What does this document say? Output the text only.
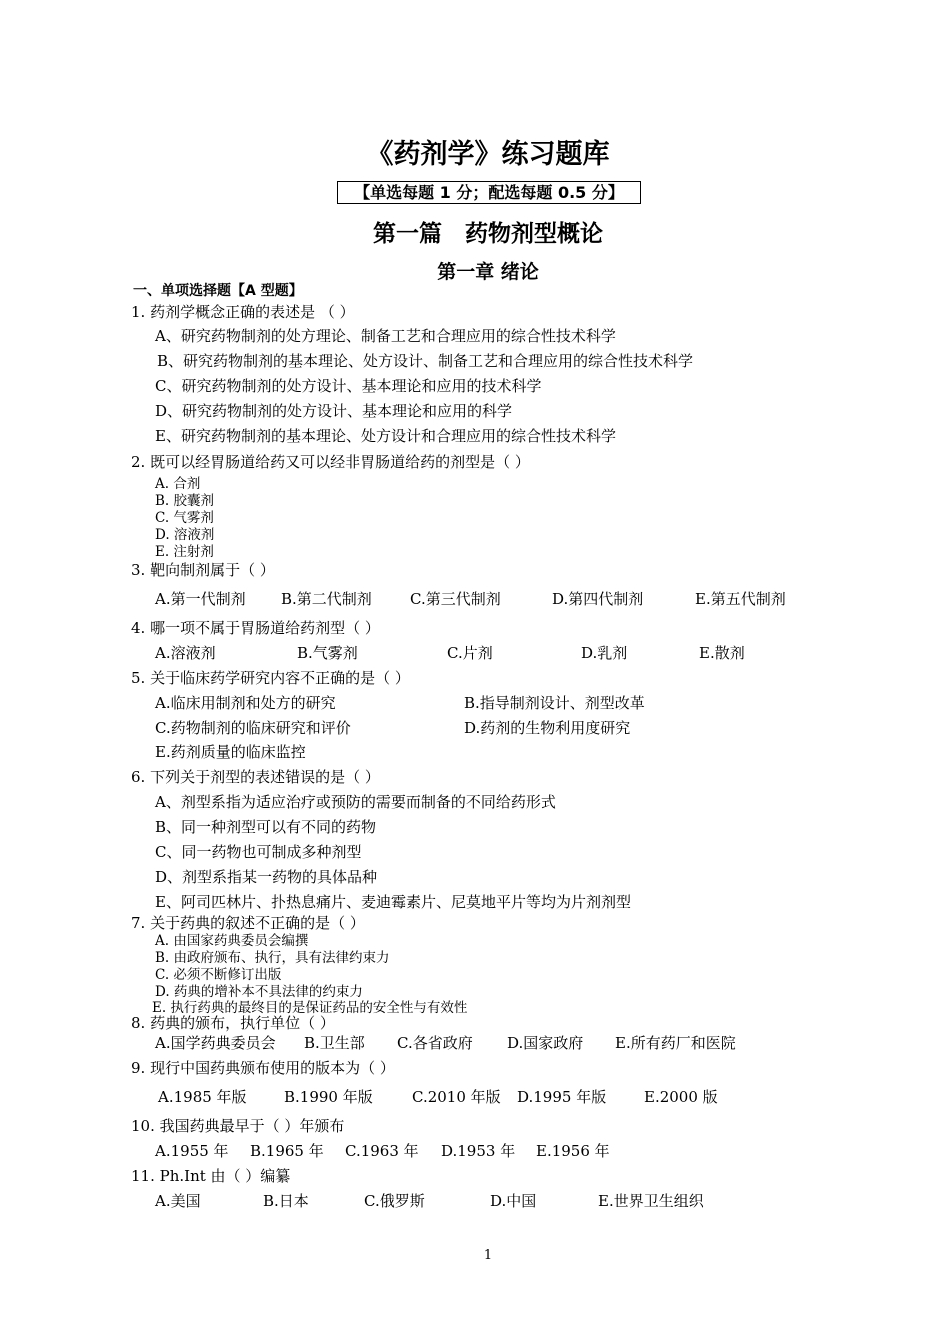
《药剂学》练习题库
【单选每题 1 分；配选每题 0.5 分】
第一篇　药物剂型概论
第一章 绪论
一、单项选择题【A 型题】
1. 药剂学概念正确的表述是 （ ）
A、研究药物制剂的处方理论、制备工艺和合理应用的综合性技术科学
B、研究药物制剂的基本理论、处方设计、制备工艺和合理应用的综合性技术科学
C、研究药物制剂的处方设计、基本理论和应用的技术科学
D、研究药物制剂的处方设计、基本理论和应用的科学
E、研究药物制剂的基本理论、处方设计和合理应用的综合性技术科学
2. 既可以经胃肠道给药又可以经非胃肠道给药的剂型是（ ）
A. 合剂
B. 胶囊剂
C. 气雾剂
D. 溶液剂
E. 注射剂
3. 靶向制剂属于（ ）
A.第一代制剂 B.第二代制剂	C.第三代制剂	D.第四代制剂	E.第五代制剂
4. 哪一项不属于胃肠道给药剂型（ ）
A.溶液剂	B.气雾剂	C.片剂	D.乳剂	E.散剂
5. 关于临床药学研究内容不正确的是（ ）
A.临床用制剂和处方的研究	B.指导制剂设计、剂型改革
C.药物制剂的临床研究和评价	D.药剂的生物利用度研究
E.药剂质量的临床监控
6. 下列关于剂型的表述错误的是（ ）
A、剂型系指为适应治疗或预防的需要而制备的不同给药形式
B、同一种剂型可以有不同的药物
C、同一药物也可制成多种剂型
D、剂型系指某一药物的具体品种
E、阿司匹林片、扑热息痛片、麦迪霉素片、尼莫地平片等均为片剂剂型
7. 关于药典的叙述不正确的是（ ）
A. 由国家药典委员会编撰
B. 由政府颁布、执行，具有法律约束力
C. 必须不断修订出版
D. 药典的增补本不具法律的约束力
E. 执行药典的最终目的是保证药品的安全性与有效性
8. 药典的颁布，执行单位（ ）
A.国学药典委员会 B.卫生部 C.各省政府 D.国家政府 E.所有药厂和医院
9. 现行中国药典颁布使用的版本为（ ）
A.1985 年版 B.1990 年版	C.2010 年版 D.1995 年版	E.2000 版
10. 我国药典最早于（ ）年颁布
A.1955 年 B.1965 年 C.1963 年 D.1953 年 E.1956 年
11. Ph.Int 由（ ）编纂
A.美国	B.日本	C.俄罗斯	D.中国	E.世界卫生组织
1
